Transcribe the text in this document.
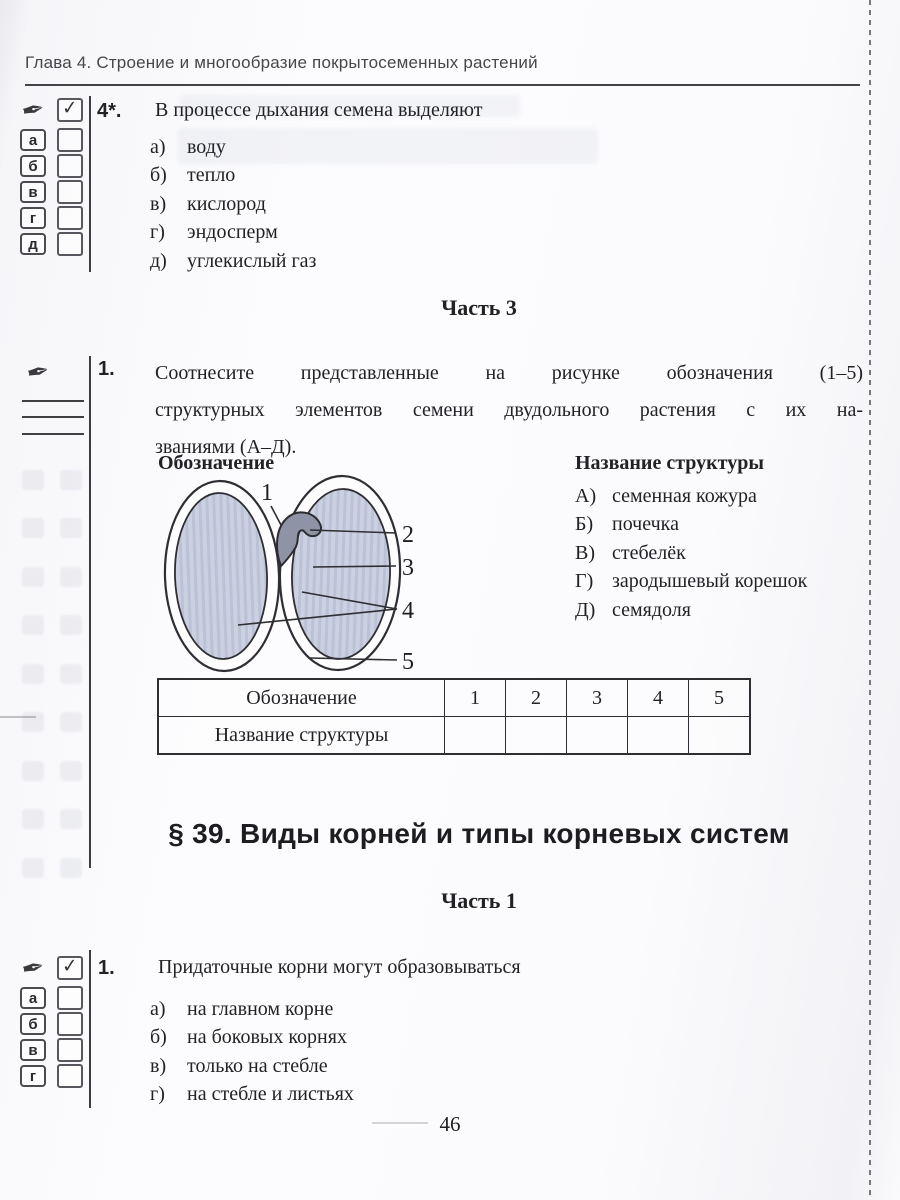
Глава 4. Строение и многообразие покрытосеменных растений
✒ ✓
а
б
в
г
д
4*. В процессе дыхания семена выделяют
а) воду
б) тепло
в) кислород
г) эндосперм
д) углекислый газ
Часть 3
✒ 1. Соотнесите представленные на рисунке обозначения (1–5)
структурных элементов семени двудольного растения с их на-
званиями (А–Д).
Обозначение	Название структуры
А) семенная кожура
Б) почечка
В) стебелёк
Г) зародышевый корешок
Д) семядоля
1
2
3
4
5
Обозначение	1	2	3	4	5
Название структуры					
§ 39. Виды корней и типы корневых систем
Часть 1
✒ ✓
а
б
в
г
1. Придаточные корни могут образовываться
а) на главном корне
б) на боковых корнях
в) только на стебле
г) на стебле и листьях
46
